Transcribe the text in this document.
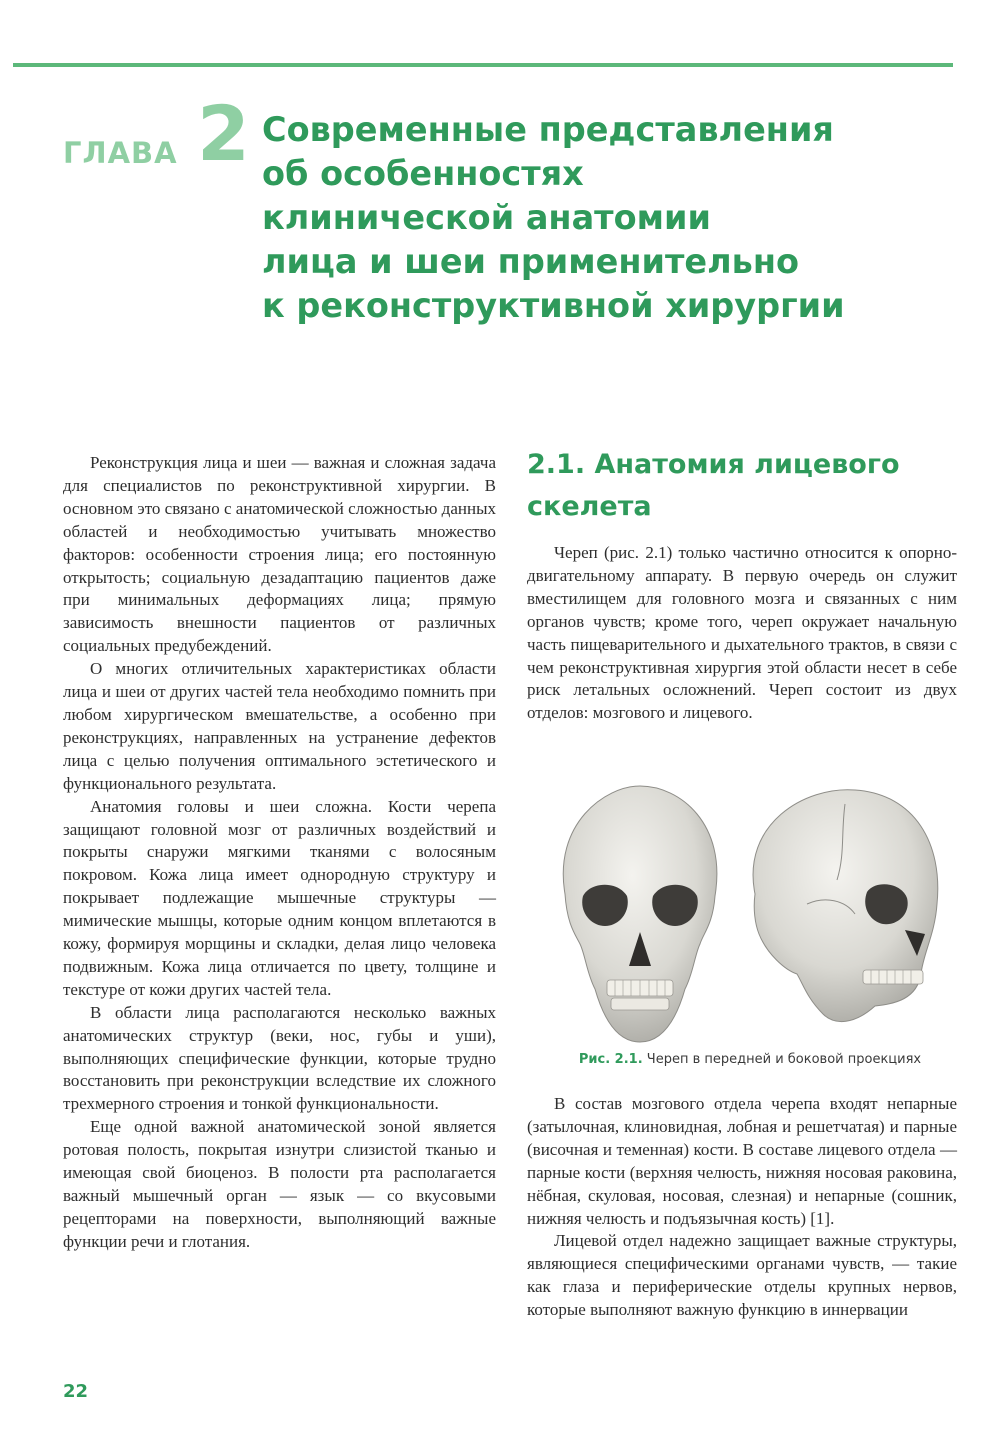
ГЛАВА 2 Современные представления
об особенностях
клинической анатомии
лица и шеи применительно
к реконструктивной хирургии

Реконструкция лица и шеи — важная и сложная задача для специалистов по реконструктивной хирургии. В основном это связано с анатомической сложностью данных областей и необходимостью учитывать множество факторов: особенности строения лица; его постоянную открытость; социальную дезадаптацию пациентов даже при минимальных деформациях лица; прямую зависимость внешности пациентов от различных социальных предубеждений.

О многих отличительных характеристиках области лица и шеи от других частей тела необходимо помнить при любом хирургическом вмешательстве, а особенно при реконструкциях, направленных на устранение дефектов лица с целью получения оптимального эстетического и функционального результата.

Анатомия головы и шеи сложна. Кости черепа защищают головной мозг от различных воздействий и покрыты снаружи мягкими тканями с волосяным покровом. Кожа лица имеет однородную структуру и покрывает подлежащие мышечные структуры — мимические мышцы, которые одним концом вплетаются в кожу, формируя морщины и складки, делая лицо человека подвижным. Кожа лица отличается по цвету, толщине и текстуре от кожи других частей тела.

В области лица располагаются несколько важных анатомических структур (веки, нос, губы и уши), выполняющих специфические функции, которые трудно восстановить при реконструкции вследствие их сложного трехмерного строения и тонкой функциональности.

Еще одной важной анатомической зоной является ротовая полость, покрытая изнутри слизистой тканью и имеющая свой биоценоз. В полости рта располагается важный мышечный орган — язык — со вкусовыми рецепторами на поверхности, выполняющий важные функции речи и глотания.

2.1. Анатомия лицевого скелета

Череп (рис. 2.1) только частично относится к опорно-двигательному аппарату. В первую очередь он служит вместилищем для головного мозга и связанных с ним органов чувств; кроме того, череп окружает начальную часть пищеварительного и дыхательного трактов, в связи с чем реконструктивная хирургия этой области несет в себе риск летальных осложнений. Череп состоит из двух отделов: мозгового и лицевого.

Рис. 2.1. Череп в передней и боковой проекциях

В состав мозгового отдела черепа входят непарные (затылочная, клиновидная, лобная и решетчатая) и парные (височная и теменная) кости. В составе лицевого отдела — парные кости (верхняя челюсть, нижняя носовая раковина, нёбная, скуловая, носовая, слезная) и непарные (сошник, нижняя челюсть и подъязычная кость) [1].

Лицевой отдел надежно защищает важные структуры, являющиеся специфическими органами чувств, — такие как глаза и периферические отделы крупных нервов, которые выполняют важную функцию в иннервации

22
